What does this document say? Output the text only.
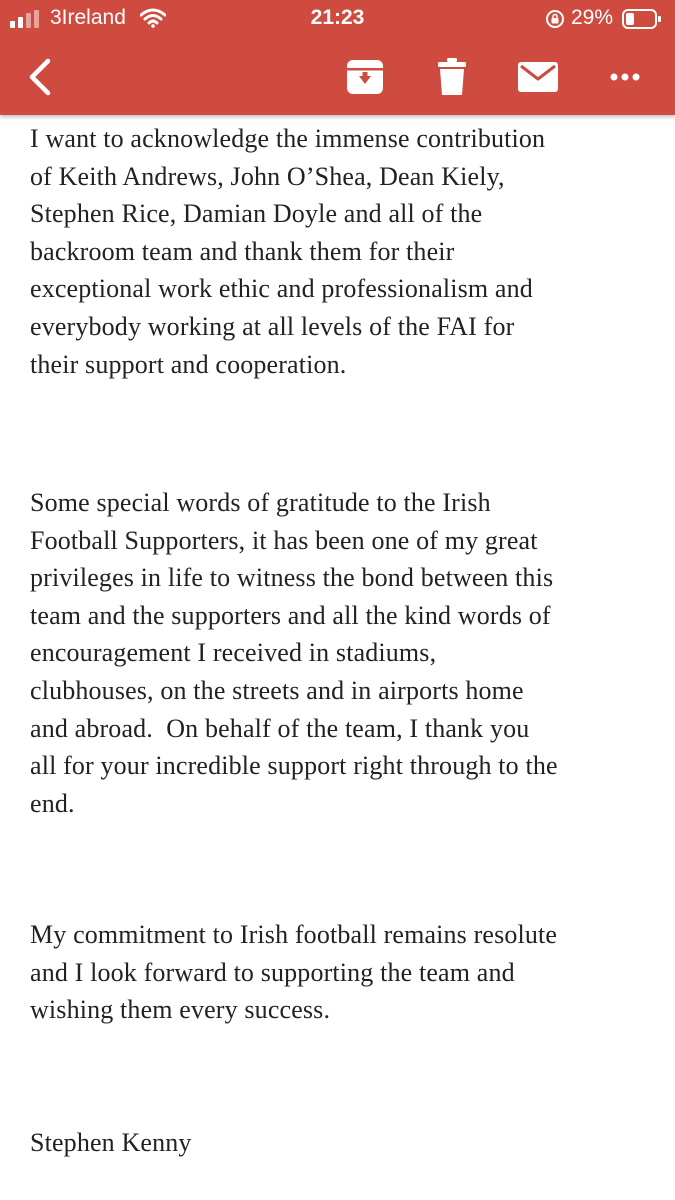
3Ireland	21:23	29%

I want to acknowledge the immense contribution
of Keith Andrews, John O’Shea, Dean Kiely,
Stephen Rice, Damian Doyle and all of the
backroom team and thank them for their
exceptional work ethic and professionalism and
everybody working at all levels of the FAI for
their support and cooperation.

Some special words of gratitude to the Irish
Football Supporters, it has been one of my great
privileges in life to witness the bond between this
team and the supporters and all the kind words of
encouragement I received in stadiums,
clubhouses, on the streets and in airports home
and abroad.  On behalf of the team, I thank you
all for your incredible support right through to the
end.

My commitment to Irish football remains resolute
and I look forward to supporting the team and
wishing them every success.

Stephen Kenny
